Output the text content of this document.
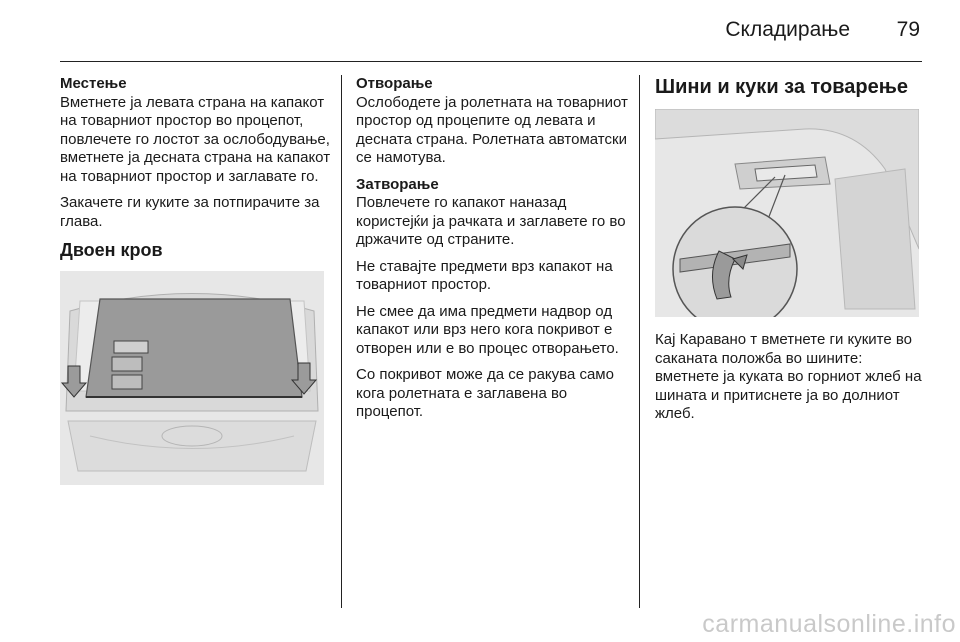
Складирање	79

Местење
Вметнете ја левата страна на капакот на товарниот простор во процепот, повлечете го лостот за ослободување, вметнете ја десната страна на капакот на товарниот простор и заглавате го.

Закачете ги куките за потпирачите за глава.

Двоен кров

Отворање
Ослободете ја ролетната на товарниот простор од процепите од левата и десната страна. Ролетната автоматски се намотува.

Затворање
Повлечете го капакот наназад користејќи ја рачката и заглавете го во држачите од страните.

Не ставајте предмети врз капакот на товарниот простор.

Не смее да има предмети надвор од капакот или врз него кога покривот е отворен или е во процес отворањето.

Со покривот може да се ракува само кога ролетната е заглавена во процепот.

Шини и куки за товарење

Кај Каравано т вметнете ги куките во саканата положба во шините: вметнете ја куката во горниот жлеб на шината и притиснете ја во долниот жлеб.

carmanualsonline.info
